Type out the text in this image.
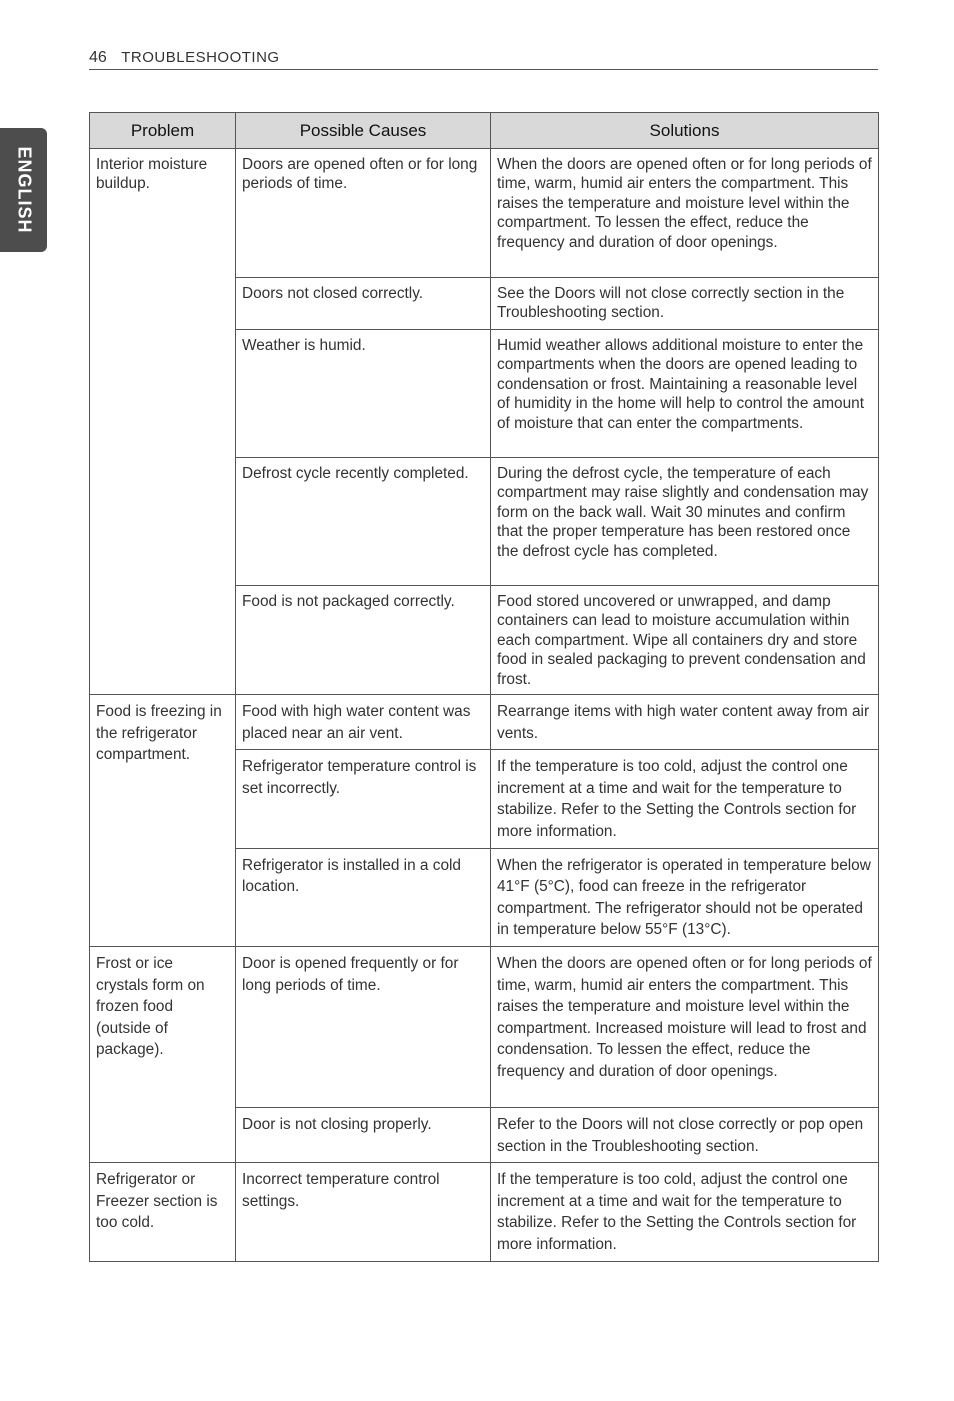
46 TROUBLESHOOTING
ENGLISH
Problem	Possible Causes	Solutions
Interior moisture buildup.	Doors are opened often or for long periods of time.	When the doors are opened often or for long periods of time, warm, humid air enters the compartment. This raises the temperature and moisture level within the compartment. To lessen the effect, reduce the frequency and duration of door openings.
	Doors not closed correctly.	See the Doors will not close correctly section in the Troubleshooting section.
	Weather is humid.	Humid weather allows additional moisture to enter the compartments when the doors are opened leading to condensation or frost. Maintaining a reasonable level of humidity in the home will help to control the amount of moisture that can enter the compartments.
	Defrost cycle recently completed.	During the defrost cycle, the temperature of each compartment may raise slightly and condensation may form on the back wall. Wait 30 minutes and confirm that the proper temperature has been restored once the defrost cycle has completed.
	Food is not packaged correctly.	Food stored uncovered or unwrapped, and damp containers can lead to moisture accumulation within each compartment. Wipe all containers dry and store food in sealed packaging to prevent condensation and frost.
Food is freezing in the refrigerator compartment.	Food with high water content was placed near an air vent.	Rearrange items with high water content away from air vents.
	Refrigerator temperature control is set incorrectly.	If the temperature is too cold, adjust the control one increment at a time and wait for the temperature to stabilize. Refer to the Setting the Controls section for more information.
	Refrigerator is installed in a cold location.	When the refrigerator is operated in temperature below 41°F (5°C), food can freeze in the refrigerator compartment. The refrigerator should not be operated in temperature below 55°F (13°C).
Frost or ice crystals form on frozen food (outside of package).	Door is opened frequently or for long periods of time.	When the doors are opened often or for long periods of time, warm, humid air enters the compartment. This raises the temperature and moisture level within the compartment. Increased moisture will lead to frost and condensation. To lessen the effect, reduce the frequency and duration of door openings.
	Door is not closing properly.	Refer to the Doors will not close correctly or pop open section in the Troubleshooting section.
Refrigerator or Freezer section is too cold.	Incorrect temperature control settings.	If the temperature is too cold, adjust the control one increment at a time and wait for the temperature to stabilize. Refer to the Setting the Controls section for more information.
